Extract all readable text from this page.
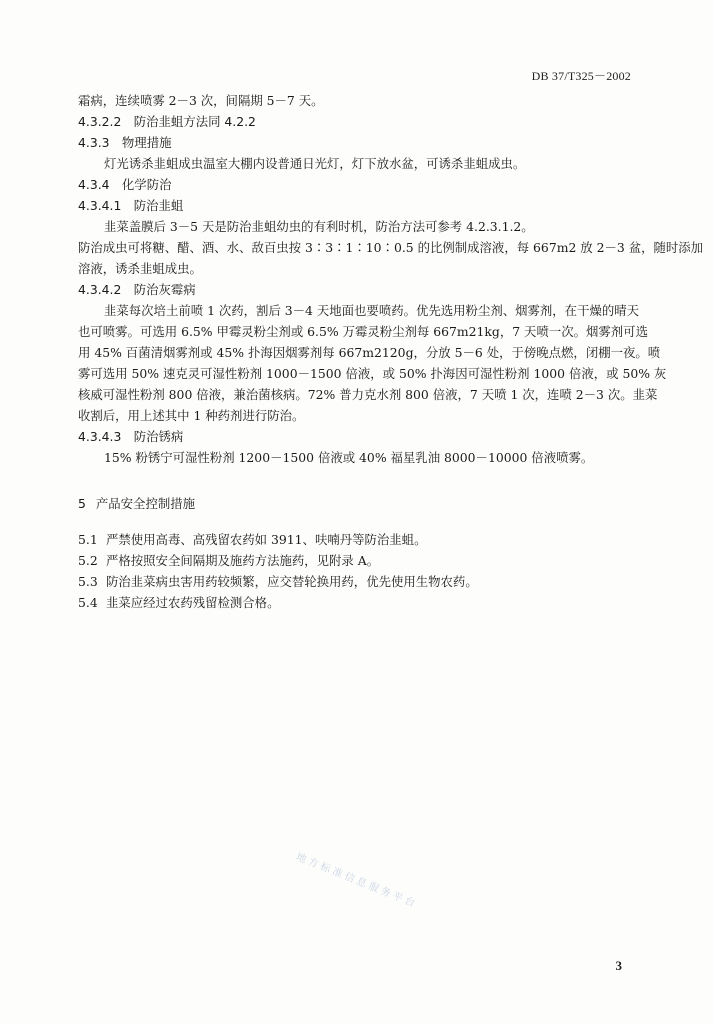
DB 37/T325－2002
霜病，连续喷雾 2－3 次，间隔期 5－7 天。
4.3.2.2　防治韭蛆方法同 4.2.2
4.3.3　物理措施
灯光诱杀韭蛆成虫温室大棚内设普通日光灯，灯下放水盆，可诱杀韭蛆成虫。
4.3.4　化学防治
4.3.4.1　防治韭蛆
韭菜盖膜后 3－5 天是防治韭蛆幼虫的有利时机，防治方法可参考 4.2.3.1.2。
防治成虫可将糖、醋、酒、水、敌百虫按 3∶3∶1∶10∶0.5 的比例制成溶液，每 667m2 放 2－3 盆，随时添加
溶液，诱杀韭蛆成虫。
4.3.4.2　防治灰霉病
韭菜每次培土前喷 1 次药，割后 3－4 天地面也要喷药。优先选用粉尘剂、烟雾剂，在干燥的晴天
也可喷雾。可选用 6.5% 甲霉灵粉尘剂或 6.5% 万霉灵粉尘剂每 667m21kg，7 天喷一次。烟雾剂可选
用 45% 百菌清烟雾剂或 45% 扑海因烟雾剂每 667m2120g，分放 5－6 处，于傍晚点燃，闭棚一夜。喷
雾可选用 50% 速克灵可湿性粉剂 1000－1500 倍液，或 50% 扑海因可湿性粉剂 1000 倍液，或 50% 灰
核威可湿性粉剂 800 倍液，兼治菌核病。72% 普力克水剂 800 倍液，7 天喷 1 次，连喷 2－3 次。韭菜
收割后，用上述其中 1 种药剂进行防治。
4.3.4.3　防治锈病
15% 粉锈宁可湿性粉剂 1200－1500 倍液或 40% 福星乳油 8000－10000 倍液喷雾。
5 产品安全控制措施
5.1 严禁使用高毒、高残留农药如 3911、呋喃丹等防治韭蛆。
5.2 严格按照安全间隔期及施药方法施药，见附录 A。
5.3 防治韭菜病虫害用药较频繁，应交替轮换用药，优先使用生物农药。
5.4 韭菜应经过农药残留检测合格。
地方标准信息服务平台
3
